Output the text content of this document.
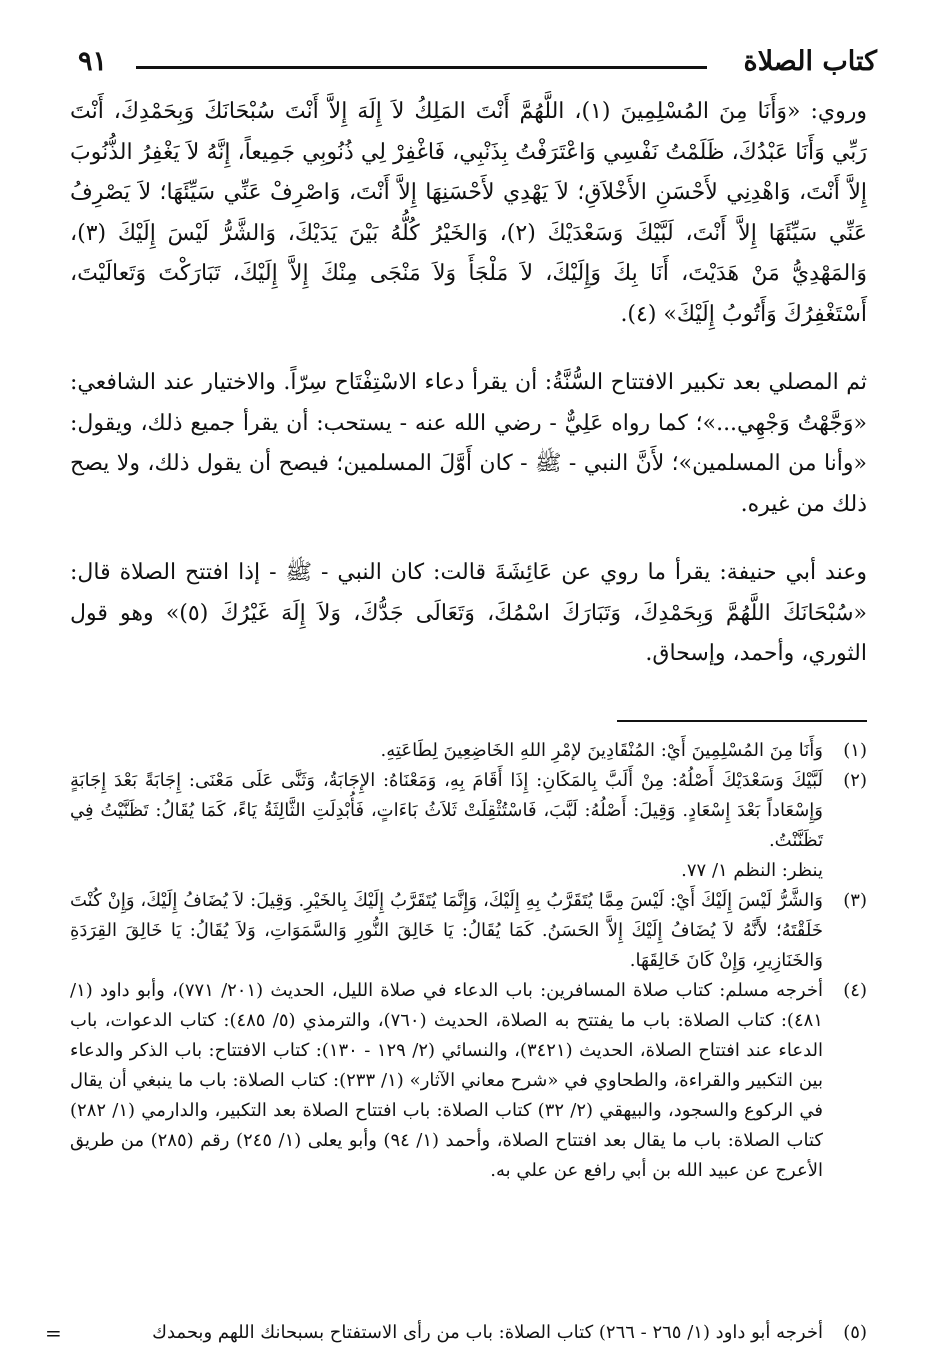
كتاب الصلاة
٩١

وروي: «وَأَنَا مِنَ المُسْلِمِينَ (١)، اللَّهُمَّ أَنْتَ المَلِكُ لاَ إِلَهَ إِلاَّ أَنْتَ سُبْحَانَكَ وَبِحَمْدِكَ، أَنْتَ رَبِّي وَأَنَا عَبْدُكَ، ظَلَمْتُ نَفْسِي وَاعْتَرَفْتُ بِذَنْبِي، فَاغْفِرْ لِي ذُنُوبِي جَمِيعاً، إِنَّهُ لاَ يَغْفِرُ الذُّنُوبَ إِلاَّ أَنْتَ، وَاهْدِنِي لأَحْسَنِ الأَخْلاَقِ؛ لاَ يَهْدِي لأَحْسَنِهَا إِلاَّ أَنْتَ، وَاصْرِفْ عَنِّي سَيِّئَهَا؛ لاَ يَصْرِفُ عَنِّي سَيِّئَهَا إِلاَّ أَنْتَ، لَبَّيْكَ وَسَعْدَيْكَ (٢)، وَالخَيْرُ كُلُّهُ بَيْنَ يَدَيْكَ، وَالشَّرُّ لَيْسَ إِلَيْكَ (٣)، وَالمَهْدِيُّ مَنْ هَدَيْتَ، أَنَا بِكَ وَإِلَيْكَ، لاَ مَلْجَأَ وَلاَ مَنْجَى مِنْكَ إِلاَّ إِلَيْكَ، تَبَارَكْتَ وَتَعالَيْتَ، أَسْتَغْفِرُكَ وَأَتُوبُ إِلَيْكَ» (٤).

ثم المصلي بعد تكبير الافتتاح السُّنَّةُ: أن يقرأ دعاء الاسْتِفْتَاح سِرّاً. والاختيار عند الشافعي: «وَجَّهْتُ وَجْهِي...»؛ كما رواه عَلِيٌّ - رضي الله عنه - يستحب: أن يقرأ جميع ذلك، ويقول: «وأنا من المسلمين»؛ لأَنَّ النبي - ﷺ - كان أَوَّلَ المسلمين؛ فيصح أن يقول ذلك، ولا يصح ذلك من غيره.

وعند أبي حنيفة: يقرأ ما روي عن عَائِشَةَ قالت: كان النبي - ﷺ - إذا افتتح الصلاة قال: «سُبْحَانَكَ اللَّهُمَّ وَبِحَمْدِكَ، وَتَبَارَكَ اسْمُكَ، وَتَعَالَى جَدُّكَ، وَلاَ إِلَهَ غَيْرُكَ (٥)» وهو قول الثوري، وأحمد، وإسحاق.

(١)
وَأَنَا مِنَ المُسْلِمِينَ أَيْ: المُنْقَادِينَ لإمْرِ اللهِ الخَاضِعِينَ لِطَاعَتِهِ.
(٢)
لَبَّيْكَ وَسَعْدَيْكَ أَصْلُهُ: مِنْ أَلَبَّ بِالمَكَانِ: إِذَا أَقَامَ بِهِ، وَمَعْنَاهُ: الإِجَابَةُ، وَثَنَّى عَلَى مَعْنَى: إِجَابَةً بَعْدَ إِجَابَةٍ وَإِسْعَاداً بَعْدَ إِسْعَادٍ. وَقِيلَ: أَصْلُهُ: لَبَّبَ، فَاسْتُثْقِلَتْ ثَلاَثُ بَاءَاتٍ، فَأُبْدِلَتِ الثَّالِثَةُ يَاءً، كَمَا يُقَالُ: تَظَنَّيْتُ فِي تَظَنَّنْتُ.
ينظر: النظم ١/ ٧٧.
(٣)
وَالشَّرُّ لَيْسَ إِلَيْكَ أَيْ: لَيْسَ مِمَّا يُتَقَرَّبُ بِهِ إِلَيْكَ، وَإِنَّمَا يُتَقَرَّبُ إِلَيْكَ بِالخَيْرِ. وَقِيلَ: لاَ يُضَافُ إِلَيْكَ، وَإِنْ كُنْتَ خَلَقْتَهُ؛ لأَنَّهُ لاَ يُضَافُ إِلَيْكَ إِلاَّ الحَسَنُ. كَمَا يُقَالُ: يَا خَالِقَ النُّورِ وَالسَّمَوَاتِ، وَلاَ يُقَالُ: يَا خَالِقَ القِرَدَةِ وَالخَنَازِيرِ، وَإِنْ كَانَ خَالِقَهَا.
(٤)
أخرجه مسلم: كتاب صلاة المسافرين: باب الدعاء في صلاة الليل، الحديث (٢٠١/ ٧٧١)، وأبو داود (١/ ٤٨١): كتاب الصلاة: باب ما يفتتح به الصلاة، الحديث (٧٦٠)، والترمذي (٥/ ٤٨٥): كتاب الدعوات، باب الدعاء عند افتتاح الصلاة، الحديث (٣٤٢١)، والنسائي (٢/ ١٢٩ - ١٣٠): كتاب الافتتاح: باب الذكر والدعاء بين التكبير والقراءة، والطحاوي في «شرح معاني الآثار» (١/ ٢٣٣): كتاب الصلاة: باب ما ينبغي أن يقال في الركوع والسجود، والبيهقي (٢/ ٣٢) كتاب الصلاة: باب افتتاح الصلاة بعد التكبير، والدارمي (١/ ٢٨٢) كتاب الصلاة: باب ما يقال بعد افتتاح الصلاة، وأحمد (١/ ٩٤) وأبو يعلى (١/ ٢٤٥) رقم (٢٨٥) من طريق الأعرج عن عبيد الله بن أبي رافع عن علي به.
(٥)
أخرجه أبو داود (١/ ٢٦٥ - ٢٦٦) كتاب الصلاة: باب من رأى الاستفتاح بسبحانك اللهم وبحمدك
=
